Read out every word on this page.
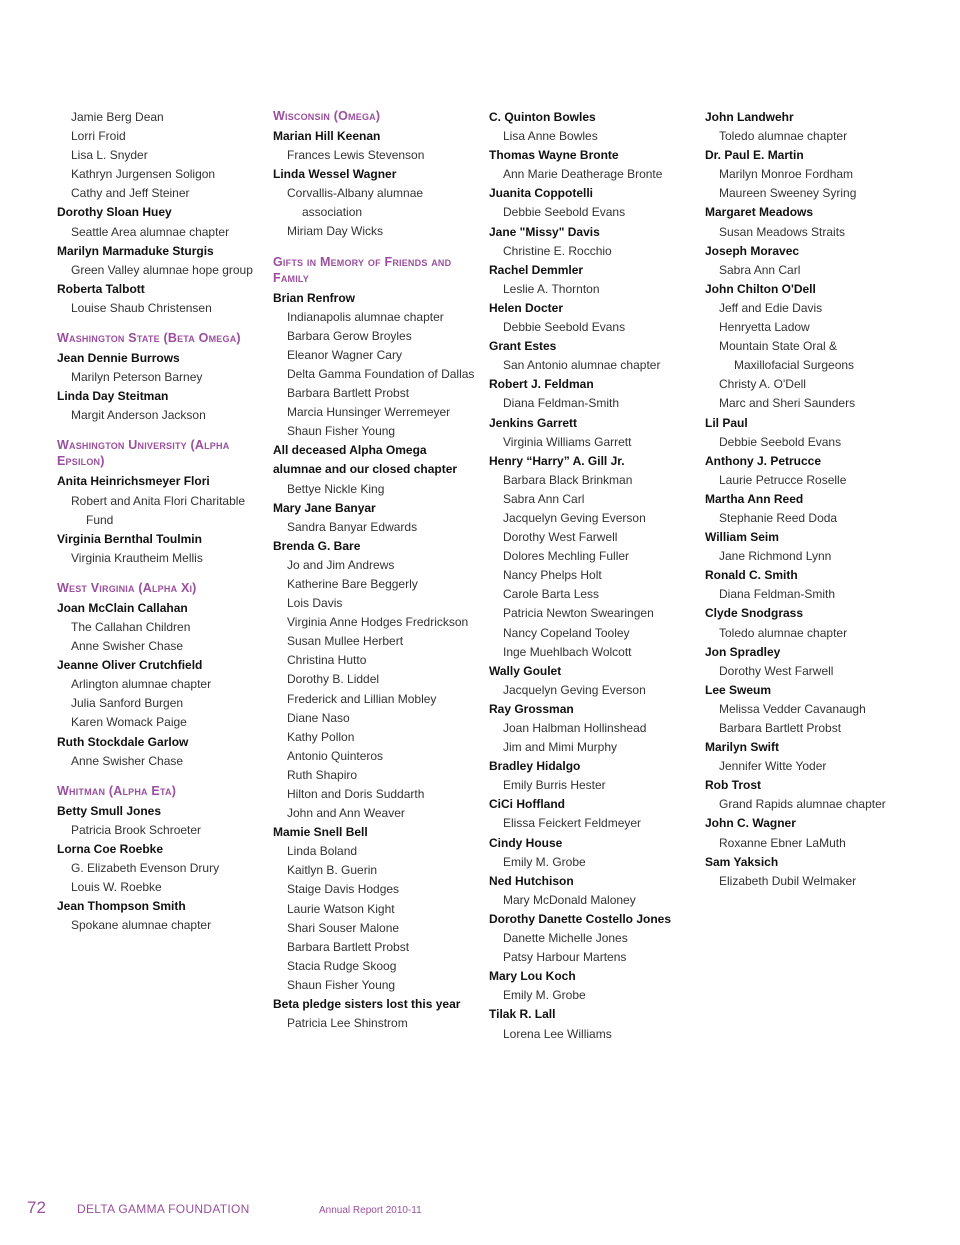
Jamie Berg Dean
Lorri Froid
Lisa L. Snyder
Kathryn Jurgensen Soligon
Cathy and Jeff Steiner
Dorothy Sloan Huey
Seattle Area alumnae chapter
Marilyn Marmaduke Sturgis
Green Valley alumnae hope group
Roberta Talbott
Louise Shaub Christensen
Washington State (Beta Omega)
Jean Dennie Burrows
Marilyn Peterson Barney
Linda Day Steitman
Margit Anderson Jackson
Washington University (Alpha Epsilon)
Anita Heinrichsmeyer Flori
Robert and Anita Flori Charitable
Fund
Virginia Bernthal Toulmin
Virginia Krautheim Mellis
West Virginia (Alpha Xi)
Joan McClain Callahan
The Callahan Children
Anne Swisher Chase
Jeanne Oliver Crutchfield
Arlington alumnae chapter
Julia Sanford Burgen
Karen Womack Paige
Ruth Stockdale Garlow
Anne Swisher Chase
Whitman (Alpha Eta)
Betty Smull Jones
Patricia Brook Schroeter
Lorna Coe Roebke
G. Elizabeth Evenson Drury
Louis W. Roebke
Jean Thompson Smith
Spokane alumnae chapter
Wisconsin (Omega)
Marian Hill Keenan
Frances Lewis Stevenson
Linda Wessel Wagner
Corvallis-Albany alumnae
association
Miriam Day Wicks
Gifts in Memory of Friends and Family
Brian Renfrow
Indianapolis alumnae chapter
Barbara Gerow Broyles
Eleanor Wagner Cary
Delta Gamma Foundation of Dallas
Barbara Bartlett Probst
Marcia Hunsinger Werremeyer
Shaun Fisher Young
All deceased Alpha Omega alumnae and our closed chapter
Bettye Nickle King
Mary Jane Banyar
Sandra Banyar Edwards
Brenda G. Bare
Jo and Jim Andrews
Katherine Bare Beggerly
Lois Davis
Virginia Anne Hodges Fredrickson
Susan Mullee Herbert
Christina Hutto
Dorothy B. Liddel
Frederick and Lillian Mobley
Diane Naso
Kathy Pollon
Antonio Quinteros
Ruth Shapiro
Hilton and Doris Suddarth
John and Ann Weaver
Mamie Snell Bell
Linda Boland
Kaitlyn B. Guerin
Staige Davis Hodges
Laurie Watson Kight
Shari Souser Malone
Barbara Bartlett Probst
Stacia Rudge Skoog
Shaun Fisher Young
Beta pledge sisters lost this year
Patricia Lee Shinstrom
C. Quinton Bowles
Lisa Anne Bowles
Thomas Wayne Bronte
Ann Marie Deatherage Bronte
Juanita Coppotelli
Debbie Seebold Evans
Jane "Missy" Davis
Christine E. Rocchio
Rachel Demmler
Leslie A. Thornton
Helen Docter
Debbie Seebold Evans
Grant Estes
San Antonio alumnae chapter
Robert J. Feldman
Diana Feldman-Smith
Jenkins Garrett
Virginia Williams Garrett
Henry “Harry” A. Gill Jr.
Barbara Black Brinkman
Sabra Ann Carl
Jacquelyn Geving Everson
Dorothy West Farwell
Dolores Mechling Fuller
Nancy Phelps Holt
Carole Barta Less
Patricia Newton Swearingen
Nancy Copeland Tooley
Inge Muehlbach Wolcott
Wally Goulet
Jacquelyn Geving Everson
Ray Grossman
Joan Halbman Hollinshead
Jim and Mimi Murphy
Bradley Hidalgo
Emily Burris Hester
CiCi Hoffland
Elissa Feickert Feldmeyer
Cindy House
Emily M. Grobe
Ned Hutchison
Mary McDonald Maloney
Dorothy Danette Costello Jones
Danette Michelle Jones
Patsy Harbour Martens
Mary Lou Koch
Emily M. Grobe
Tilak R. Lall
Lorena Lee Williams
John Landwehr
Toledo alumnae chapter
Dr. Paul E. Martin
Marilyn Monroe Fordham
Maureen Sweeney Syring
Margaret Meadows
Susan Meadows Straits
Joseph Moravec
Sabra Ann Carl
John Chilton O'Dell
Jeff and Edie Davis
Henryetta Ladow
Mountain State Oral &
Maxillofacial Surgeons
Christy A. O'Dell
Marc and Sheri Saunders
Lil Paul
Debbie Seebold Evans
Anthony J. Petrucce
Laurie Petrucce Roselle
Martha Ann Reed
Stephanie Reed Doda
William Seim
Jane Richmond Lynn
Ronald C. Smith
Diana Feldman-Smith
Clyde Snodgrass
Toledo alumnae chapter
Jon Spradley
Dorothy West Farwell
Lee Sweum
Melissa Vedder Cavanaugh
Barbara Bartlett Probst
Marilyn Swift
Jennifer Witte Yoder
Rob Trost
Grand Rapids alumnae chapter
John C. Wagner
Roxanne Ebner LaMuth
Sam Yaksich
Elizabeth Dubil Welmaker
72	DELTA GAMMA FOUNDATION	Annual Report 2010-11
